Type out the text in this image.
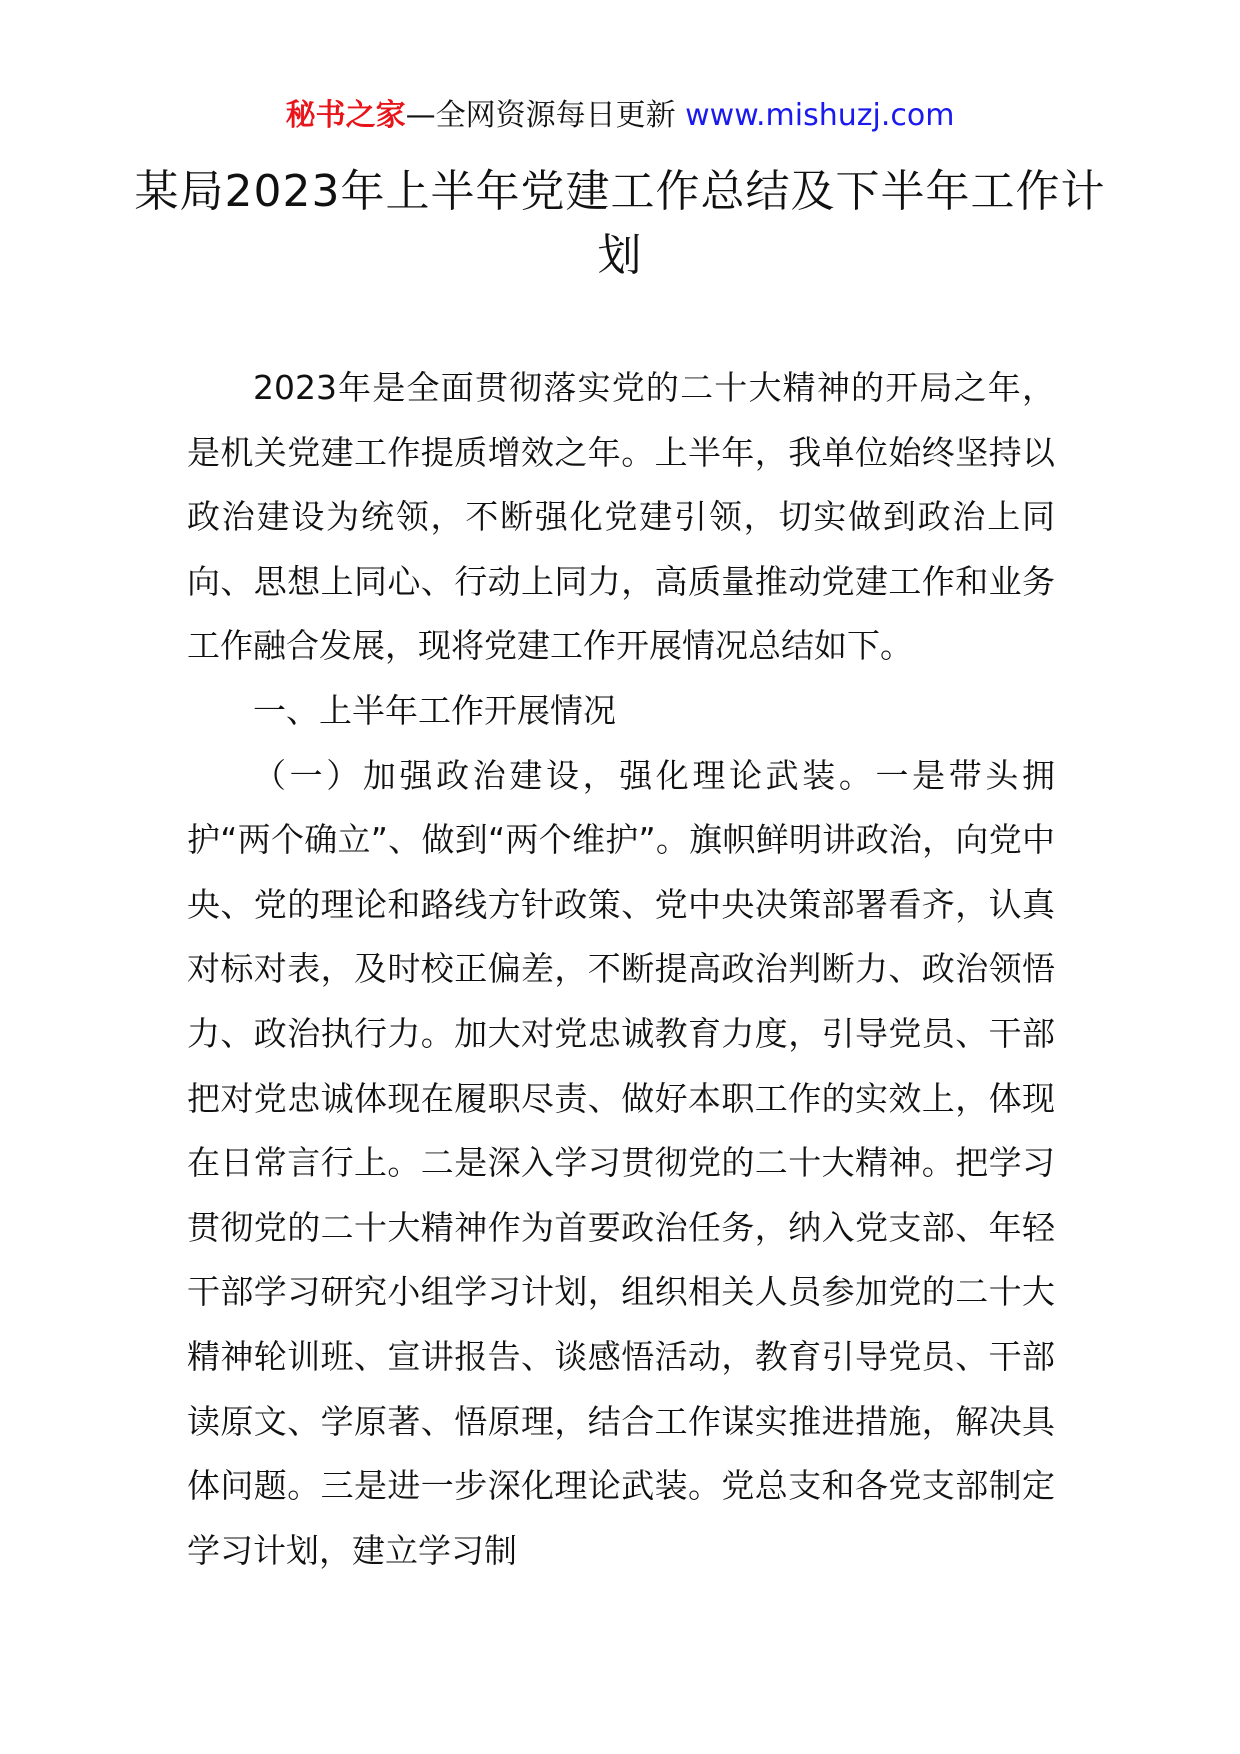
秘书之家—全网资源每日更新 www.mishuzj.com
某局2023年上半年党建工作总结及下半年工作计划

2023年是全面贯彻落实党的二十大精神的开局之年，是机关党建工作提质增效之年。上半年，我单位始终坚持以政治建设为统领，不断强化党建引领，切实做到政治上同向、思想上同心、行动上同力，高质量推动党建工作和业务工作融合发展，现将党建工作开展情况总结如下。

一、上半年工作开展情况

（一）加强政治建设，强化理论武装。一是带头拥护“两个确立”、做到“两个维护”。旗帜鲜明讲政治，向党中央、党的理论和路线方针政策、党中央决策部署看齐，认真对标对表，及时校正偏差，不断提高政治判断力、政治领悟力、政治执行力。加大对党忠诚教育力度，引导党员、干部把对党忠诚体现在履职尽责、做好本职工作的实效上，体现在日常言行上。二是深入学习贯彻党的二十大精神。把学习贯彻党的二十大精神作为首要政治任务，纳入党支部、年轻干部学习研究小组学习计划，组织相关人员参加党的二十大精神轮训班、宣讲报告、谈感悟活动，教育引导党员、干部读原文、学原著、悟原理，结合工作谋实推进措施，解决具体问题。三是进一步深化理论武装。党总支和各党支部制定学习计划，建立学习制
